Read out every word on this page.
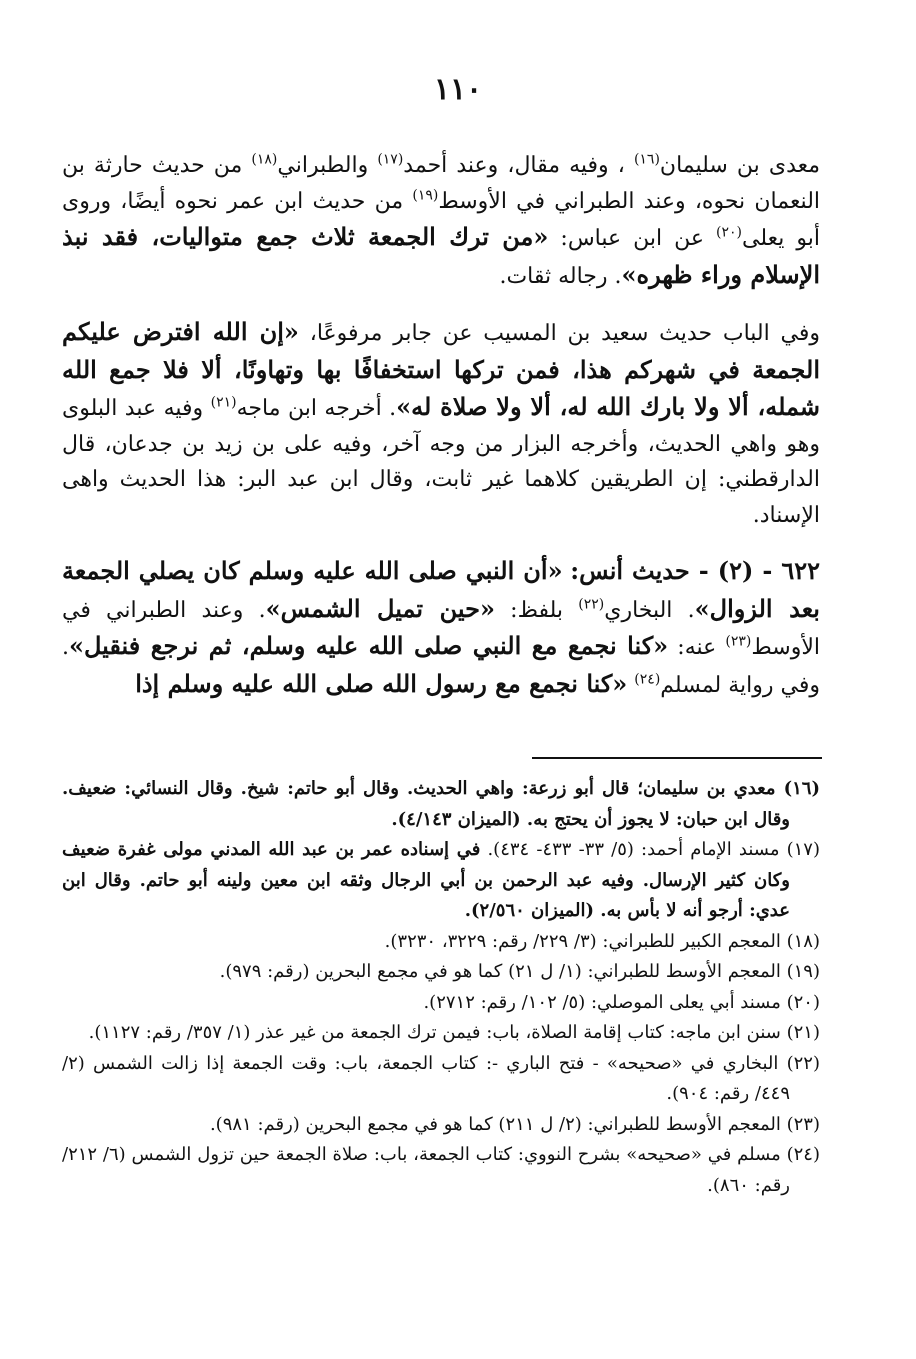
١١٠

معدى بن سليمان$^{(١٦)}$ ، وفيه مقال، وعند أحمد$^{(١٧)}$ والطبراني$^{(١٨)}$ من حديث حارثة بن النعمان نحوه، وعند الطبراني في الأوسط$^{(١٩)}$ من حديث ابن عمر نحوه أيضًا، وروى أبو يعلى$^{(٢٠)}$ عن ابن عباس: «من ترك الجمعة ثلاث جمع متواليات، فقد نبذ الإسلام وراء ظهره». رجاله ثقات.

وفي الباب حديث سعيد بن المسيب عن جابر مرفوعًا، «إن الله افترض عليكم الجمعة في شهركم هذا، فمن تركها استخفافًا بها وتهاونًا، ألا فلا جمع الله شمله، ألا ولا بارك الله له، ألا ولا صلاة له». أخرجه ابن ماجه$^{(٢١)}$ وفيه عبد البلوى وهو واهي الحديث، وأخرجه البزار من وجه آخر، وفيه على بن زيد بن جدعان، قال الدارقطني: إن الطريقين كلاهما غير ثابت، وقال ابن عبد البر: هذا الحديث واهى الإسناد.

٦٢٢ - (٢) - حديث أنس: «أن النبي صلى الله عليه وسلم كان يصلي الجمعة بعد الزوال». البخاري$^{(٢٢)}$ بلفظ: «حين تميل الشمس». وعند الطبراني في الأوسط$^{(٢٣)}$ عنه: «كنا نجمع مع النبي صلى الله عليه وسلم، ثم نرجع فنقيل». وفي رواية لمسلم$^{(٢٤)}$ «كنا نجمع مع رسول الله صلى الله عليه وسلم إذا

(١٦) معدي بن سليمان؛ قال أبو زرعة: واهي الحديث. وقال أبو حاتم: شيخ. وقال النسائي: ضعيف. وقال ابن حبان: لا يجوز أن يحتج به. (الميزان ٤/١٤٣).

(١٧) مسند الإمام أحمد: (٥/ ٣٣- ٤٣٣- ٤٣٤). في إسناده عمر بن عبد الله المدني مولى غفرة ضعيف وكان كثير الإرسال. وفيه عبد الرحمن بن أبي الرجال وثقه ابن معين ولينه أبو حاتم. وقال ابن عدي: أرجو أنه لا بأس به. (الميزان ٢/٥٦٠).

(١٨) المعجم الكبير للطبراني: (٣/ ٢٢٩/ رقم: ٣٢٢٩، ٣٢٣٠).

(١٩) المعجم الأوسط للطبراني: (١/ ل ٢١) كما هو في مجمع البحرين (رقم: ٩٧٩).

(٢٠) مسند أبي يعلى الموصلي: (٥/ ١٠٢/ رقم: ٢٧١٢).

(٢١) سنن ابن ماجه: كتاب إقامة الصلاة، باب: فيمن ترك الجمعة من غير عذر (١/ ٣٥٧/ رقم: ١١٢٧).

(٢٢) البخاري في «صحيحه» - فتح الباري -: كتاب الجمعة، باب: وقت الجمعة إذا زالت الشمس (٢/ ٤٤٩/ رقم: ٩٠٤).

(٢٣) المعجم الأوسط للطبراني: (٢/ ل ٢١١) كما هو في مجمع البحرين (رقم: ٩٨١).

(٢٤) مسلم في «صحيحه» بشرح النووي: كتاب الجمعة، باب: صلاة الجمعة حين تزول الشمس (٦/ ٢١٢/ رقم: ٨٦٠).
